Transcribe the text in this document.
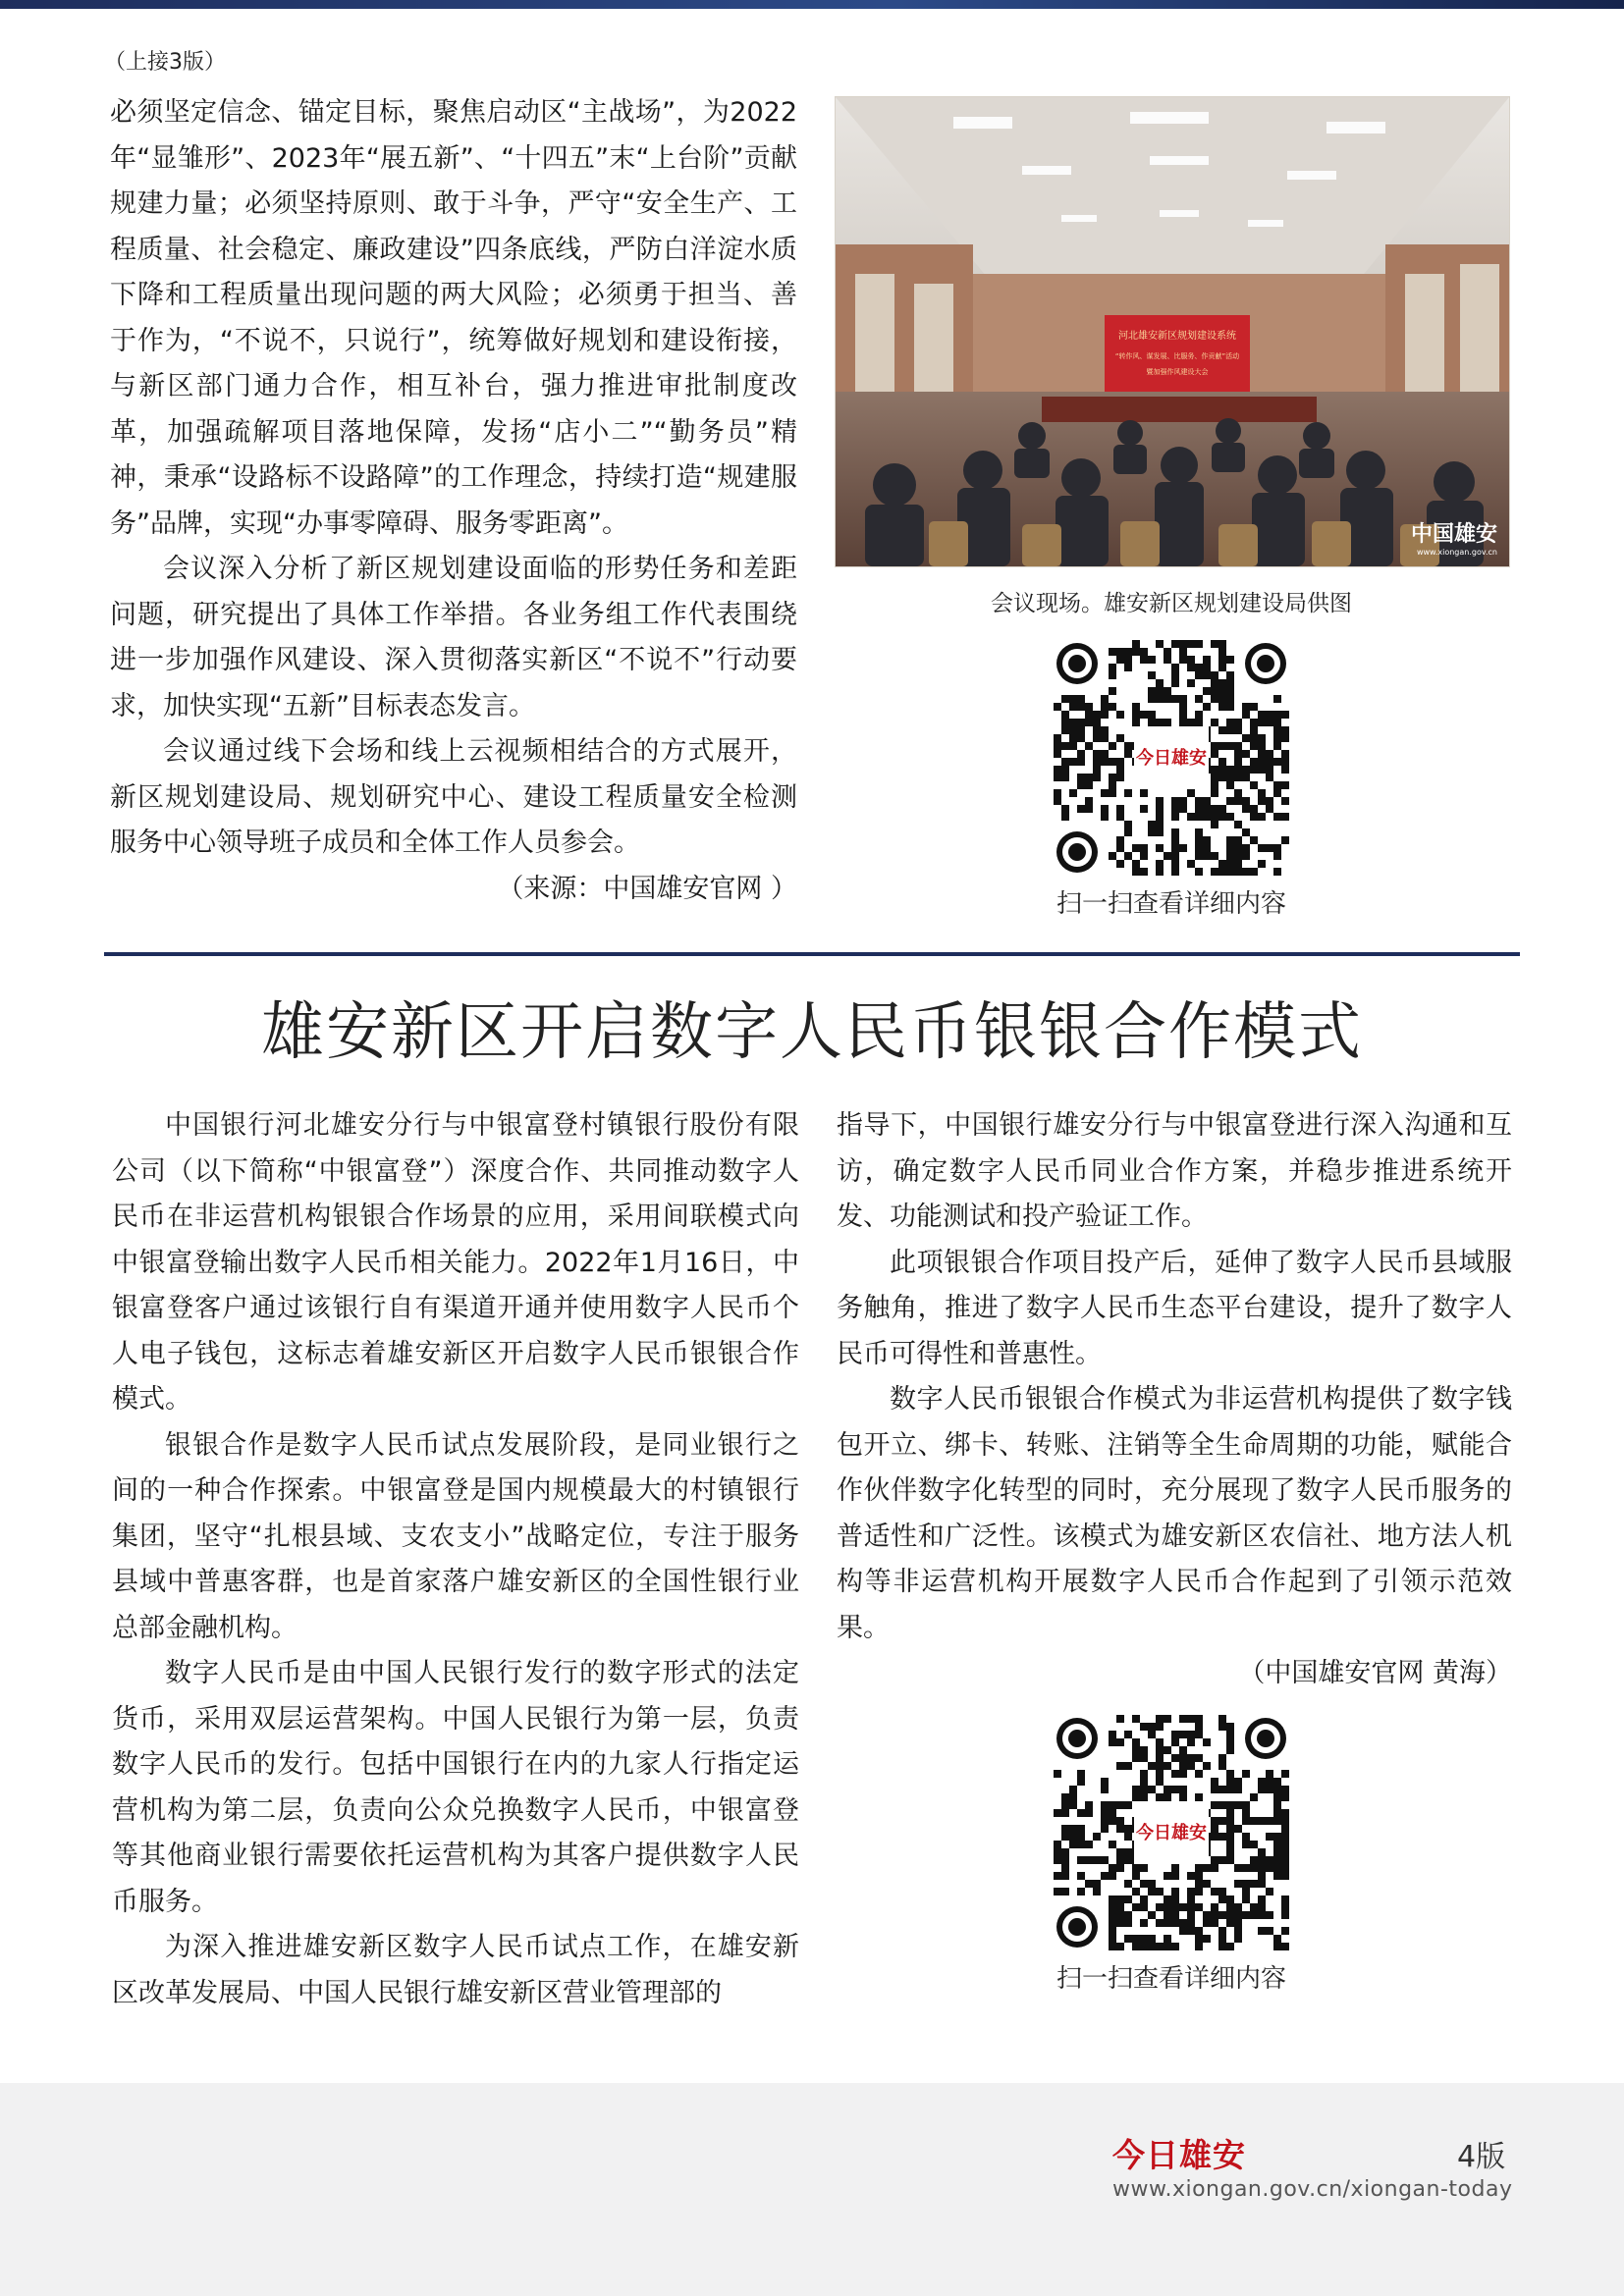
（上接3版）

必须坚定信念、锚定目标，聚焦启动区“主战场”，为2022年“显雏形”、2023年“展五新”、“十四五”末“上台阶”贡献规建力量；必须坚持原则、敢于斗争，严守“安全生产、工程质量、社会稳定、廉政建设”四条底线，严防白洋淀水质下降和工程质量出现问题的两大风险；必须勇于担当、善于作为，“不说不，只说行”，统筹做好规划和建设衔接，与新区部门通力合作，相互补台，强力推进审批制度改革，加强疏解项目落地保障，发扬“店小二”“勤务员”精神，秉承“设路标不设路障”的工作理念，持续打造“规建服务”品牌，实现“办事零障碍、服务零距离”。

会议深入分析了新区规划建设面临的形势任务和差距问题，研究提出了具体工作举措。各业务组工作代表围绕进一步加强作风建设、深入贯彻落实新区“不说不”行动要求，加快实现“五新”目标表态发言。

会议通过线下会场和线上云视频相结合的方式展开，新区规划建设局、规划研究中心、建设工程质量安全检测服务中心领导班子成员和全体工作人员参会。

（来源：中国雄安官网 ）

河北雄安新区规划建设系统
“转作风、谋发展、比服务、作贡献”活动
暨加强作风建设大会
中国雄安
www.xiongan.gov.cn
会议现场。雄安新区规划建设局供图
今日雄安
扫一扫查看详细内容
雄安新区开启数字人民币银银合作模式

中国银行河北雄安分行与中银富登村镇银行股份有限公司（以下简称“中银富登”）深度合作、共同推动数字人民币在非运营机构银银合作场景的应用，采用间联模式向中银富登输出数字人民币相关能力。2022年1月16日，中银富登客户通过该银行自有渠道开通并使用数字人民币个人电子钱包，这标志着雄安新区开启数字人民币银银合作模式。

银银合作是数字人民币试点发展阶段，是同业银行之间的一种合作探索。中银富登是国内规模最大的村镇银行集团，坚守“扎根县域、支农支小”战略定位，专注于服务县域中普惠客群，也是首家落户雄安新区的全国性银行业总部金融机构。

数字人民币是由中国人民银行发行的数字形式的法定货币，采用双层运营架构。中国人民银行为第一层，负责数字人民币的发行。包括中国银行在内的九家人行指定运营机构为第二层，负责向公众兑换数字人民币，中银富登等其他商业银行需要依托运营机构为其客户提供数字人民币服务。

为深入推进雄安新区数字人民币试点工作，在雄安新区改革发展局、中国人民银行雄安新区营业管理部的

指导下，中国银行雄安分行与中银富登进行深入沟通和互访，确定数字人民币同业合作方案，并稳步推进系统开发、功能测试和投产验证工作。

此项银银合作项目投产后，延伸了数字人民币县域服务触角，推进了数字人民币生态平台建设，提升了数字人民币可得性和普惠性。

数字人民币银银合作模式为非运营机构提供了数字钱包开立、绑卡、转账、注销等全生命周期的功能，赋能合作伙伴数字化转型的同时，充分展现了数字人民币服务的普适性和广泛性。该模式为雄安新区农信社、地方法人机构等非运营机构开展数字人民币合作起到了引领示范效果。

（中国雄安官网 黄海）

今日雄安
扫一扫查看详细内容
今日雄安	4版
www.xiongan.gov.cn/xiongan-today
